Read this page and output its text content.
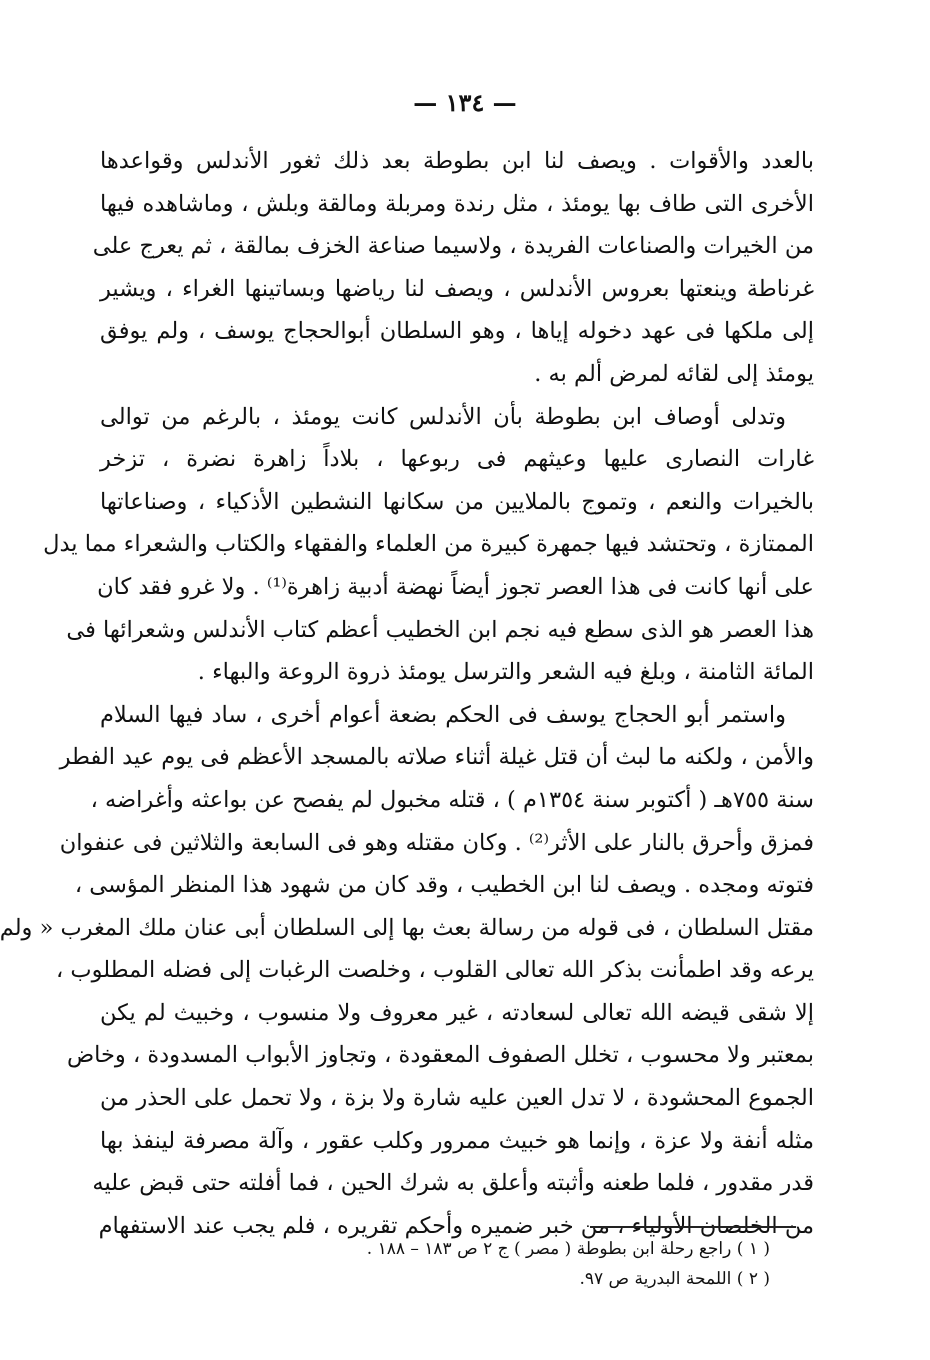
— ١٣٤ —
بالعدد والأقوات . ويصف لنا ابن بطوطة بعد ذلك ثغور الأندلس وقواعدها
الأخرى التى طاف بها يومئذ ، مثل رندة ومربلة ومالقة وبلش ، وماشاهده فيها
من الخيرات والصناعات الفريدة ، ولاسيما صناعة الخزف بمالقة ، ثم يعرج على
غرناطة وينعتها بعروس الأندلس ، ويصف لنا رياضها وبساتينها الغراء ، ويشير
إلى ملكها فى عهد دخوله إياها ، وهو السلطان أبوالحجاج يوسف ، ولم يوفق
يومئذ إلى لقائه لمرض ألم به .
وتدلى أوصاف ابن بطوطة بأن الأندلس كانت يومئذ ، بالرغم من توالى
غارات النصارى عليها وعيثهم فى ربوعها ، بلاداً زاهرة نضرة ، تزخر
بالخيرات والنعم ، وتموج بالملايين من سكانها النشطين الأذكياء ، وصناعاتها
الممتازة ، وتحتشد فيها جمهرة كبيرة من العلماء والفقهاء والكتاب والشعراء مما يدل
على أنها كانت فى هذا العصر تجوز أيضاً نهضة أدبية زاهرة⁽¹⁾ . ولا غرو فقد كان
هذا العصر هو الذى سطع فيه نجم ابن الخطيب أعظم كتاب الأندلس وشعرائها فى
المائة الثامنة ، وبلغ فيه الشعر والترسل يومئذ ذروة الروعة والبهاء .
واستمر أبو الحجاج يوسف فى الحكم بضعة أعوام أخرى ، ساد فيها السلام
والأمن ، ولكنه ما لبث أن قتل غيلة أثناء صلاته بالمسجد الأعظم فى يوم عيد الفطر
سنة ٧٥٥هـ ( أكتوبر سنة ١٣٥٤م ) ، قتله مخبول لم يفصح عن بواعثه وأغراضه ،
فمزق وأحرق بالنار على الأثر⁽²⁾ . وكان مقتله وهو فى السابعة والثلاثين فى عنفوان
فتوته ومجده . ويصف لنا ابن الخطيب ، وقد كان من شهود هذا المنظر المؤسى ،
مقتل السلطان ، فى قوله من رسالة بعث بها إلى السلطان أبى عنان ملك المغرب « ولم
يرعه وقد اطمأنت بذكر الله تعالى القلوب ، وخلصت الرغبات إلى فضله المطلوب ،
إلا شقى قيضه الله تعالى لسعادته ، غير معروف ولا منسوب ، وخبيث لم يكن
بمعتبر ولا محسوب ، تخلل الصفوف المعقودة ، وتجاوز الأبواب المسدودة ، وخاض
الجموع المحشودة ، لا تدل العين عليه شارة ولا بزة ، ولا تحمل على الحذر من
مثله أنفة ولا عزة ، وإنما هو خبيث ممرور وكلب عقور ، وآلة مصرفة لينفذ بها
قدر مقدور ، فلما طعنه وأثبته وأعلق به شرك الحين ، فما أفلته حتى قبض عليه
من الخلصان الأولياء ، من خبر ضميره وأحكم تقريره ، فلم يجب عند الاستفهام
( ١ ) راجع رحلة ابن بطوطة ( مصر ) ج ٢ ص ١٨٣ – ١٨٨ .
( ٢ ) اللمحة البدرية ص ٩٧.
